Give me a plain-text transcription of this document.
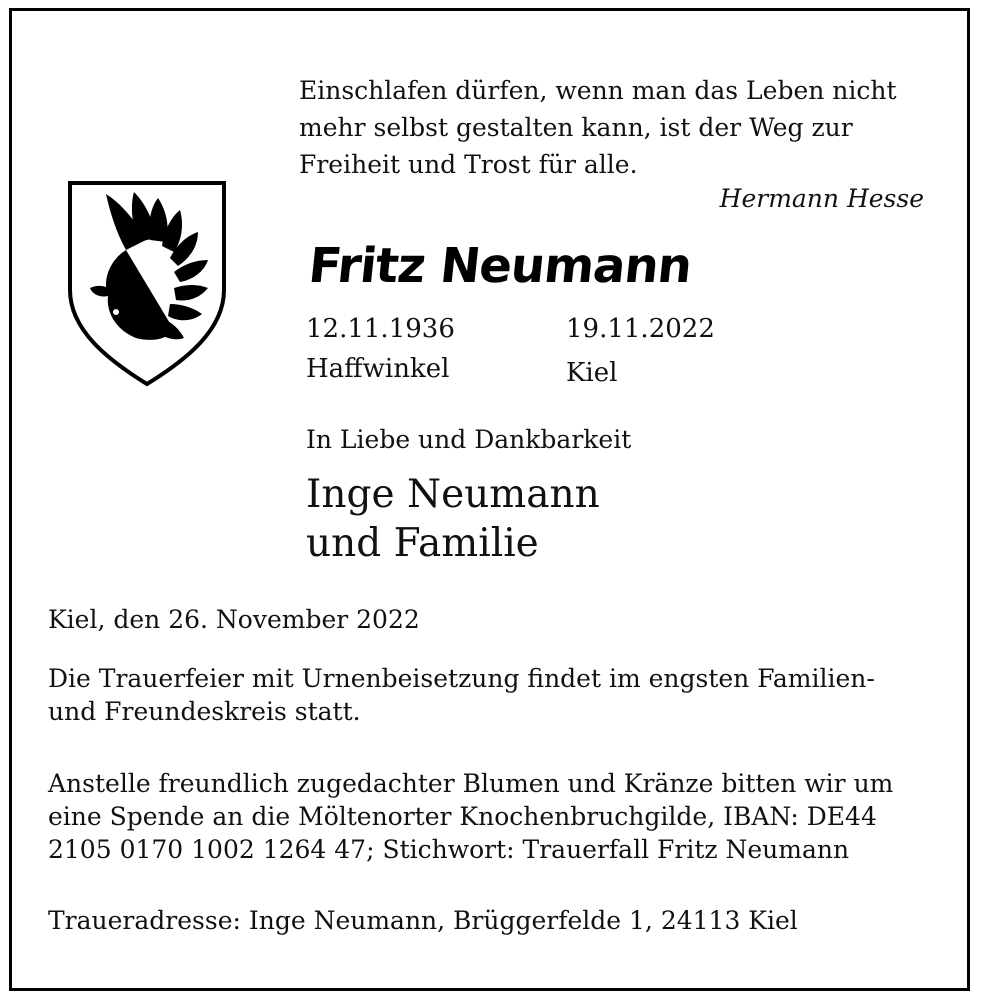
Einschlafen dürfen, wenn man das Leben nicht
mehr selbst gestalten kann, ist der Weg zur
Freiheit und Trost für alle.
Hermann Hesse
Fritz Neumann
12.11.1936	19.11.2022
Haffwinkel	Kiel
In Liebe und Dankbarkeit
Inge Neumann
und Familie
Kiel, den 26. November 2022
Die Trauerfeier mit Urnenbeisetzung findet im engsten Familien-
und Freundeskreis statt.
Anstelle freundlich zugedachter Blumen und Kränze bitten wir um
eine Spende an die Möltenorter Knochenbruchgilde, IBAN: DE44
2105 0170 1002 1264 47; Stichwort: Trauerfall Fritz Neumann
Traueradresse: Inge Neumann, Brüggerfelde 1, 24113 Kiel
